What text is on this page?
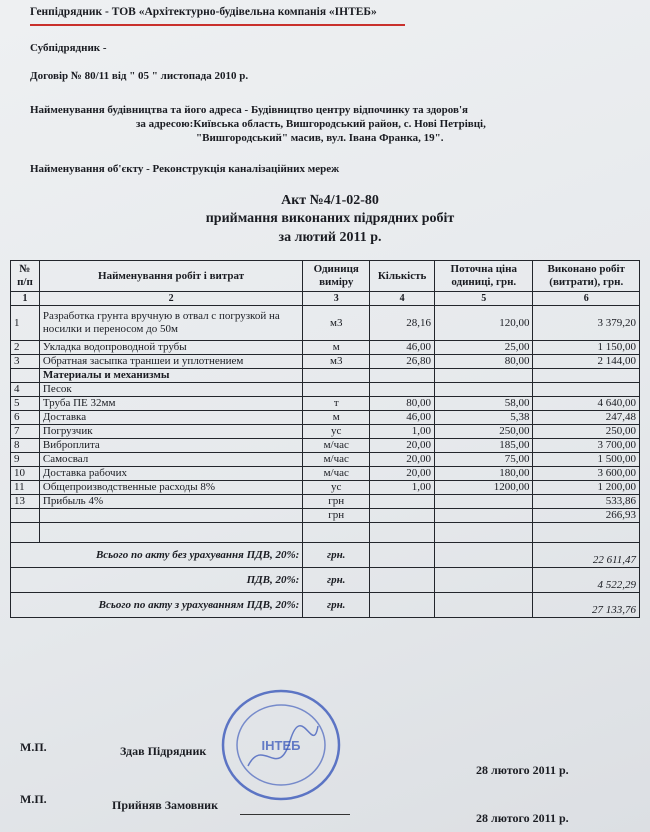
Генпідрядник - ТОВ «Архітектурно-будівельна компанія «ІНТЕБ»
Субпідрядник -
Договір № 80/11 від " 05 " листопада 2010 р.
Найменування будівництва та його адреса - Будівництво центру відпочинку та здоров'я
за адресою:Київська область, Вишгородський район, с. Нові Петрівці,
"Вишгородський" масив, вул. Івана Франка, 19".
Найменування об'єкту - Реконструкція каналізаційних мереж
Акт №4/1-02-80
приймання виконаних підрядних робіт
за лютий 2011 р.
№ п/п	Найменування робіт і витрат	Одиниця виміру	Кількість	Поточна ціна одиниці, грн.	Виконано робіт (витрати), грн.
1	2	3	4	5	6
1	Разработка грунта вручную в отвал с погрузкой на носилки и переносом до 50м	м3	28,16	120,00	3 379,20
2	Укладка водопроводной трубы	м	46,00	25,00	1 150,00
3	Обратная засыпка траншеи и уплотнением	м3	26,80	80,00	2 144,00
	Материалы и механизмы				
4	Песок				
5	Труба ПЕ 32мм	т	80,00	58,00	4 640,00
6	Доставка	м	46,00	5,38	247,48
7	Погрузчик	ус	1,00	250,00	250,00
8	Виброплита	м/час	20,00	185,00	3 700,00
9	Самосвал	м/час	20,00	75,00	1 500,00
10	Доставка рабочих	м/час	20,00	180,00	3 600,00
11	Общепроизводственные расходы 8%	ус	1,00	1200,00	1 200,00
13	Прибыль 4%	грн			533,86
		грн			266,93

Всього по акту без урахування ПДВ, 20%:		грн.			22 611,47
ПДВ, 20%:		грн.			4 522,29
Всього по акту з урахуванням ПДВ, 20%:		грн.			27 133,76
ІНТЕБ
М.П.	Здав Підрядник
28 лютого 2011 р.
М.П.	Прийняв Замовник
28 лютого 2011 р.
